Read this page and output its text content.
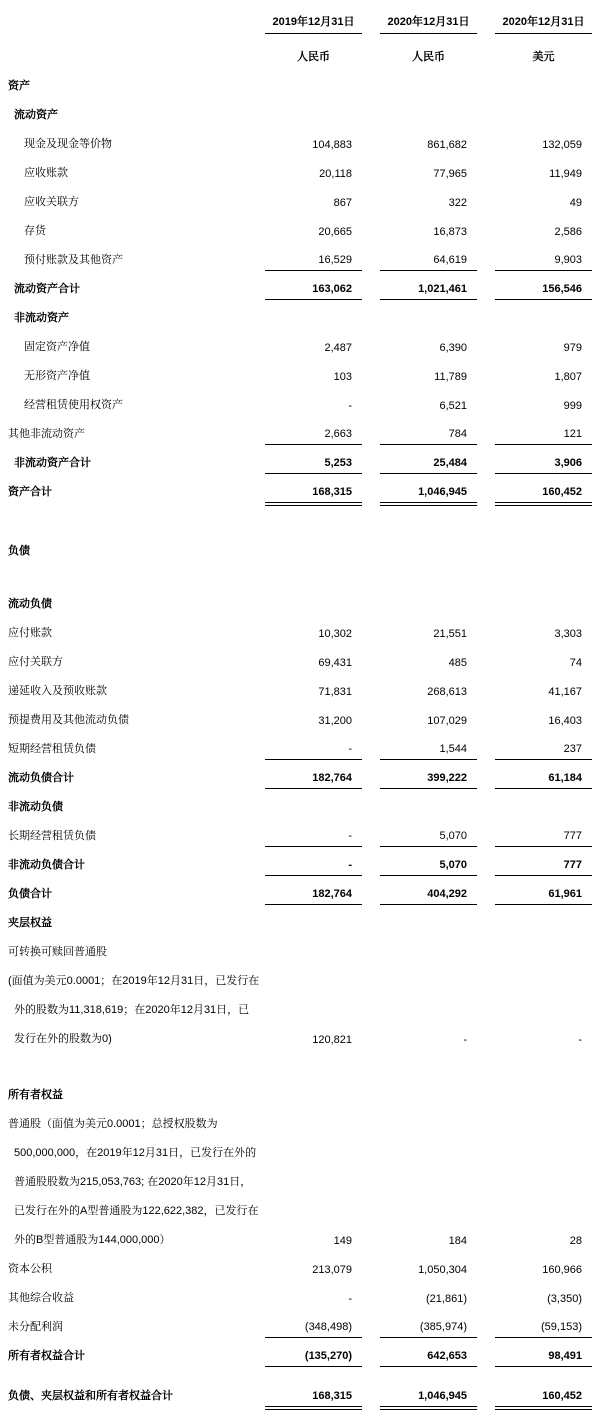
2019年12月31日	2020年12月31日	2020年12月31日
人民币	人民币	美元
资产
流动资产
现金及现金等价物	104,883	861,682	132,059
应收账款	20,118	77,965	11,949
应收关联方	867	322	49
存货	20,665	16,873	2,586
预付账款及其他资产	16,529	64,619	9,903
流动资产合计	163,062	1,021,461	156,546
非流动资产
固定资产净值	2,487	6,390	979
无形资产净值	103	11,789	1,807
经营租赁使用权资产	-	6,521	999
其他非流动资产	2,663	784	121
非流动资产合计	5,253	25,484	3,906
资产合计	168,315	1,046,945	160,452
负债
流动负债
应付账款	10,302	21,551	3,303
应付关联方	69,431	485	74
递延收入及预收账款	71,831	268,613	41,167
预提费用及其他流动负债	31,200	107,029	16,403
短期经营租赁负债	-	1,544	237
流动负债合计	182,764	399,222	61,184
非流动负债
长期经营租赁负债	-	5,070	777
非流动负债合计	-	5,070	777
负债合计	182,764	404,292	61,961
夹层权益
可转换可赎回普通股
(面值为美元0.0001；在2019年12月31日，已发行在
外的股数为11,318,619；在2020年12月31日，已
发行在外的股数为0)	120,821	-	-
所有者权益
普通股（面值为美元0.0001；总授权股数为
500,000,000，在2019年12月31日，已发行在外的
普通股股数为215,053,763; 在2020年12月31日，
已发行在外的A型普通股为122,622,382，已发行在
外的B型普通股为144,000,000）	149	184	28
资本公积	213,079	1,050,304	160,966
其他综合收益	-	(21,861)	(3,350)
未分配利润	(348,498)	(385,974)	(59,153)
所有者权益合计	(135,270)	642,653	98,491
负债、夹层权益和所有者权益合计	168,315	1,046,945	160,452
